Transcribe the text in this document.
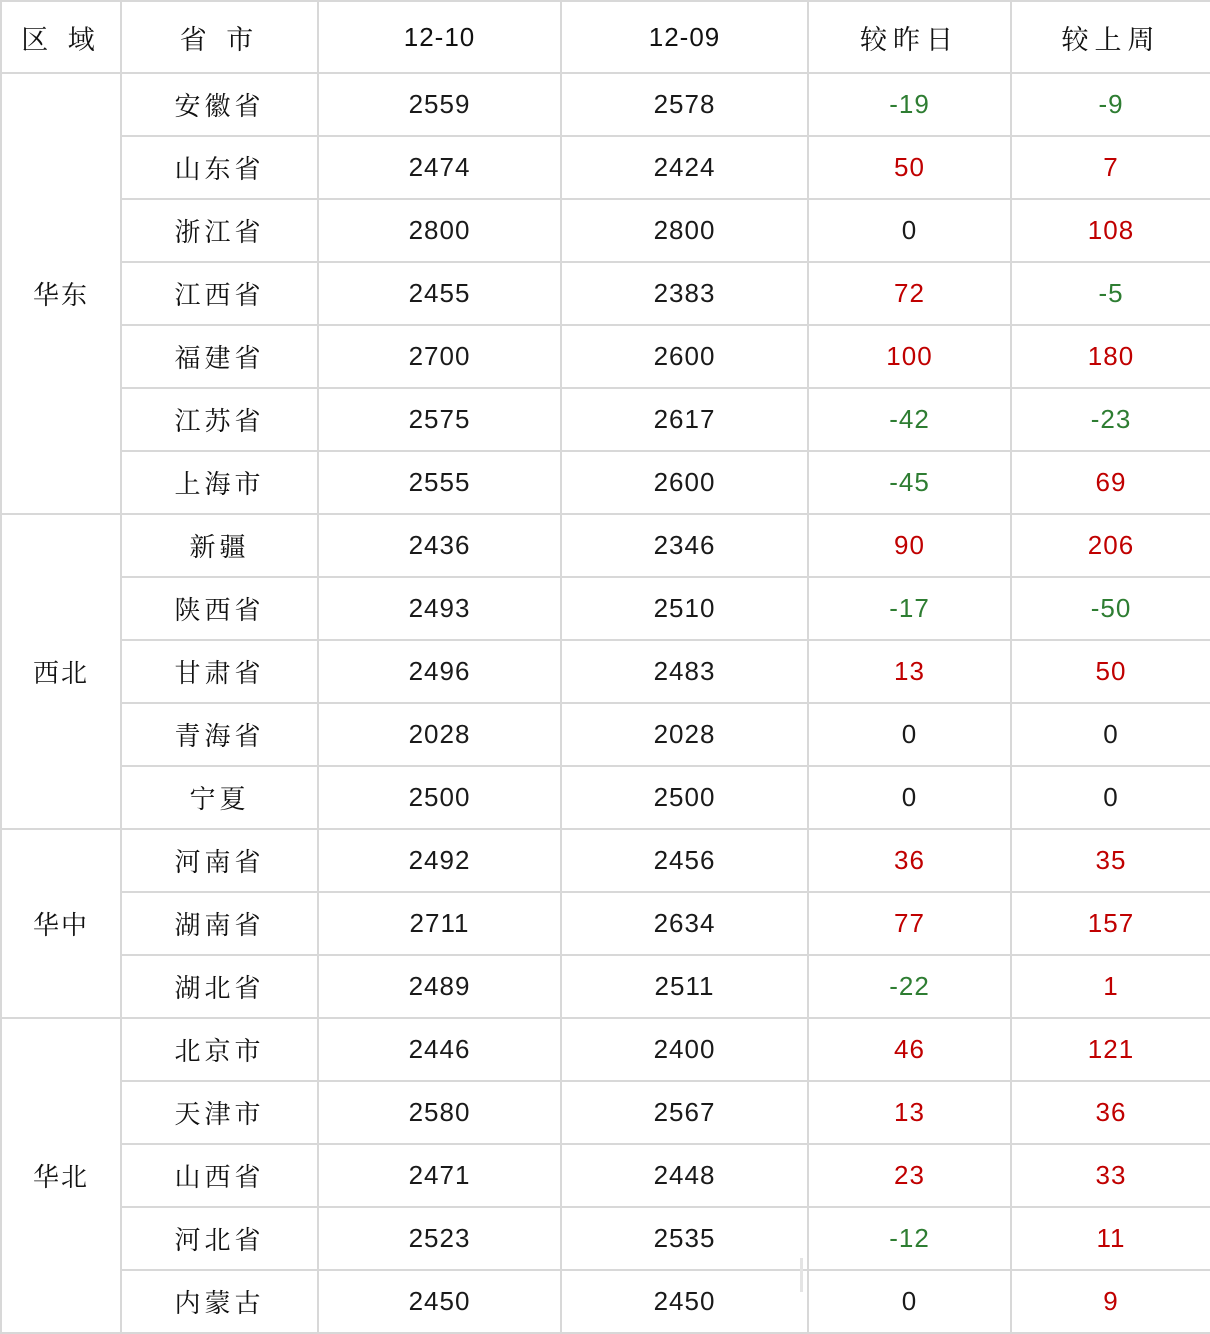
区 域	省 市	12-10	12-09	较昨日	较上周
华东	安徽省	2559	2578	-19	-9
	山东省	2474	2424	50	7
	浙江省	2800	2800	0	108
	江西省	2455	2383	72	-5
	福建省	2700	2600	100	180
	江苏省	2575	2617	-42	-23
	上海市	2555	2600	-45	69
西北	新疆	2436	2346	90	206
	陕西省	2493	2510	-17	-50
	甘肃省	2496	2483	13	50
	青海省	2028	2028	0	0
	宁夏	2500	2500	0	0
华中	河南省	2492	2456	36	35
	湖南省	2711	2634	77	157
	湖北省	2489	2511	-22	1
华北	北京市	2446	2400	46	121
	天津市	2580	2567	13	36
	山西省	2471	2448	23	33
	河北省	2523	2535	-12	11
	内蒙古	2450	2450	0	9
